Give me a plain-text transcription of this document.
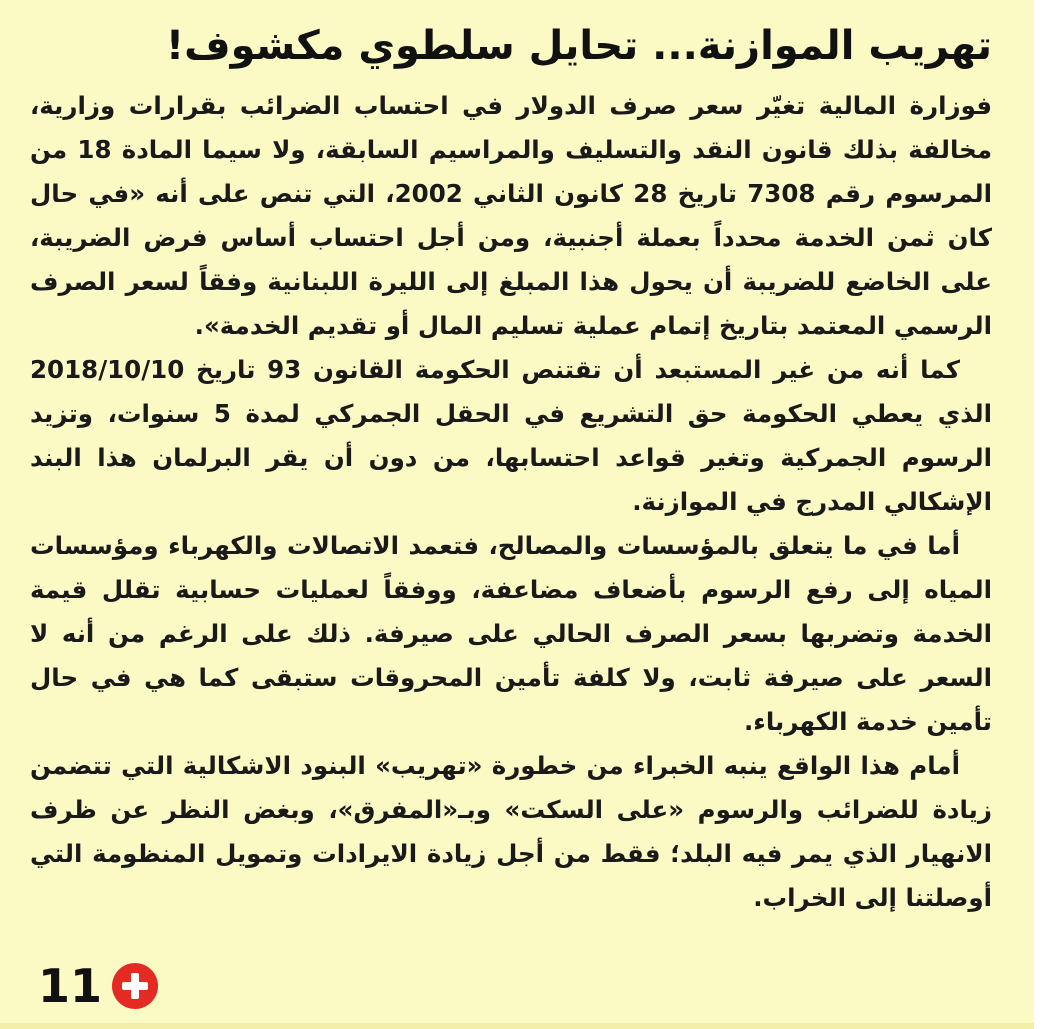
تهريب الموازنة... تحايل سلطوي مكشوف!

فوزارة المالية تغيّر سعر صرف الدولار في احتساب الضرائب بقرارات وزارية، مخالفة بذلك قانون النقد والتسليف والمراسيم السابقة، ولا سيما المادة 18 من المرسوم رقم 7308 تاريخ 28 كانون الثاني 2002، التي تنص على أنه «في حال كان ثمن الخدمة محدداً بعملة أجنبية، ومن أجل احتساب أساس فرض الضريبة، على الخاضع للضريبة أن يحول هذا المبلغ إلى الليرة اللبنانية وفقاً لسعر الصرف الرسمي المعتمد بتاريخ إتمام عملية تسليم المال أو تقديم الخدمة».

كما أنه من غير المستبعد أن تقتنص الحكومة القانون 93 تاريخ 2018/10/10 الذي يعطي الحكومة حق التشريع في الحقل الجمركي لمدة 5 سنوات، وتزيد الرسوم الجمركية وتغير قواعد احتسابها، من دون أن يقر البرلمان هذا البند الإشكالي المدرج في الموازنة.

أما في ما يتعلق بالمؤسسات والمصالح، فتعمد الاتصالات والكهرباء ومؤسسات المياه إلى رفع الرسوم بأضعاف مضاعفة، ووفقاً لعمليات حسابية تقلل قيمة الخدمة وتضربها بسعر الصرف الحالي على صيرفة. ذلك على الرغم من أنه لا السعر على صيرفة ثابت، ولا كلفة تأمين المحروقات ستبقى كما هي في حال تأمين خدمة الكهرباء.

أمام هذا الواقع ينبه الخبراء من خطورة «تهريب» البنود الاشكالية التي تتضمن زيادة للضرائب والرسوم «على السكت» وبـ«المفرق»، وبغض النظر عن ظرف الانهيار الذي يمر فيه البلد؛ فقط من أجل زيادة الايرادات وتمويل المنظومة التي أوصلتنا إلى الخراب.

11
